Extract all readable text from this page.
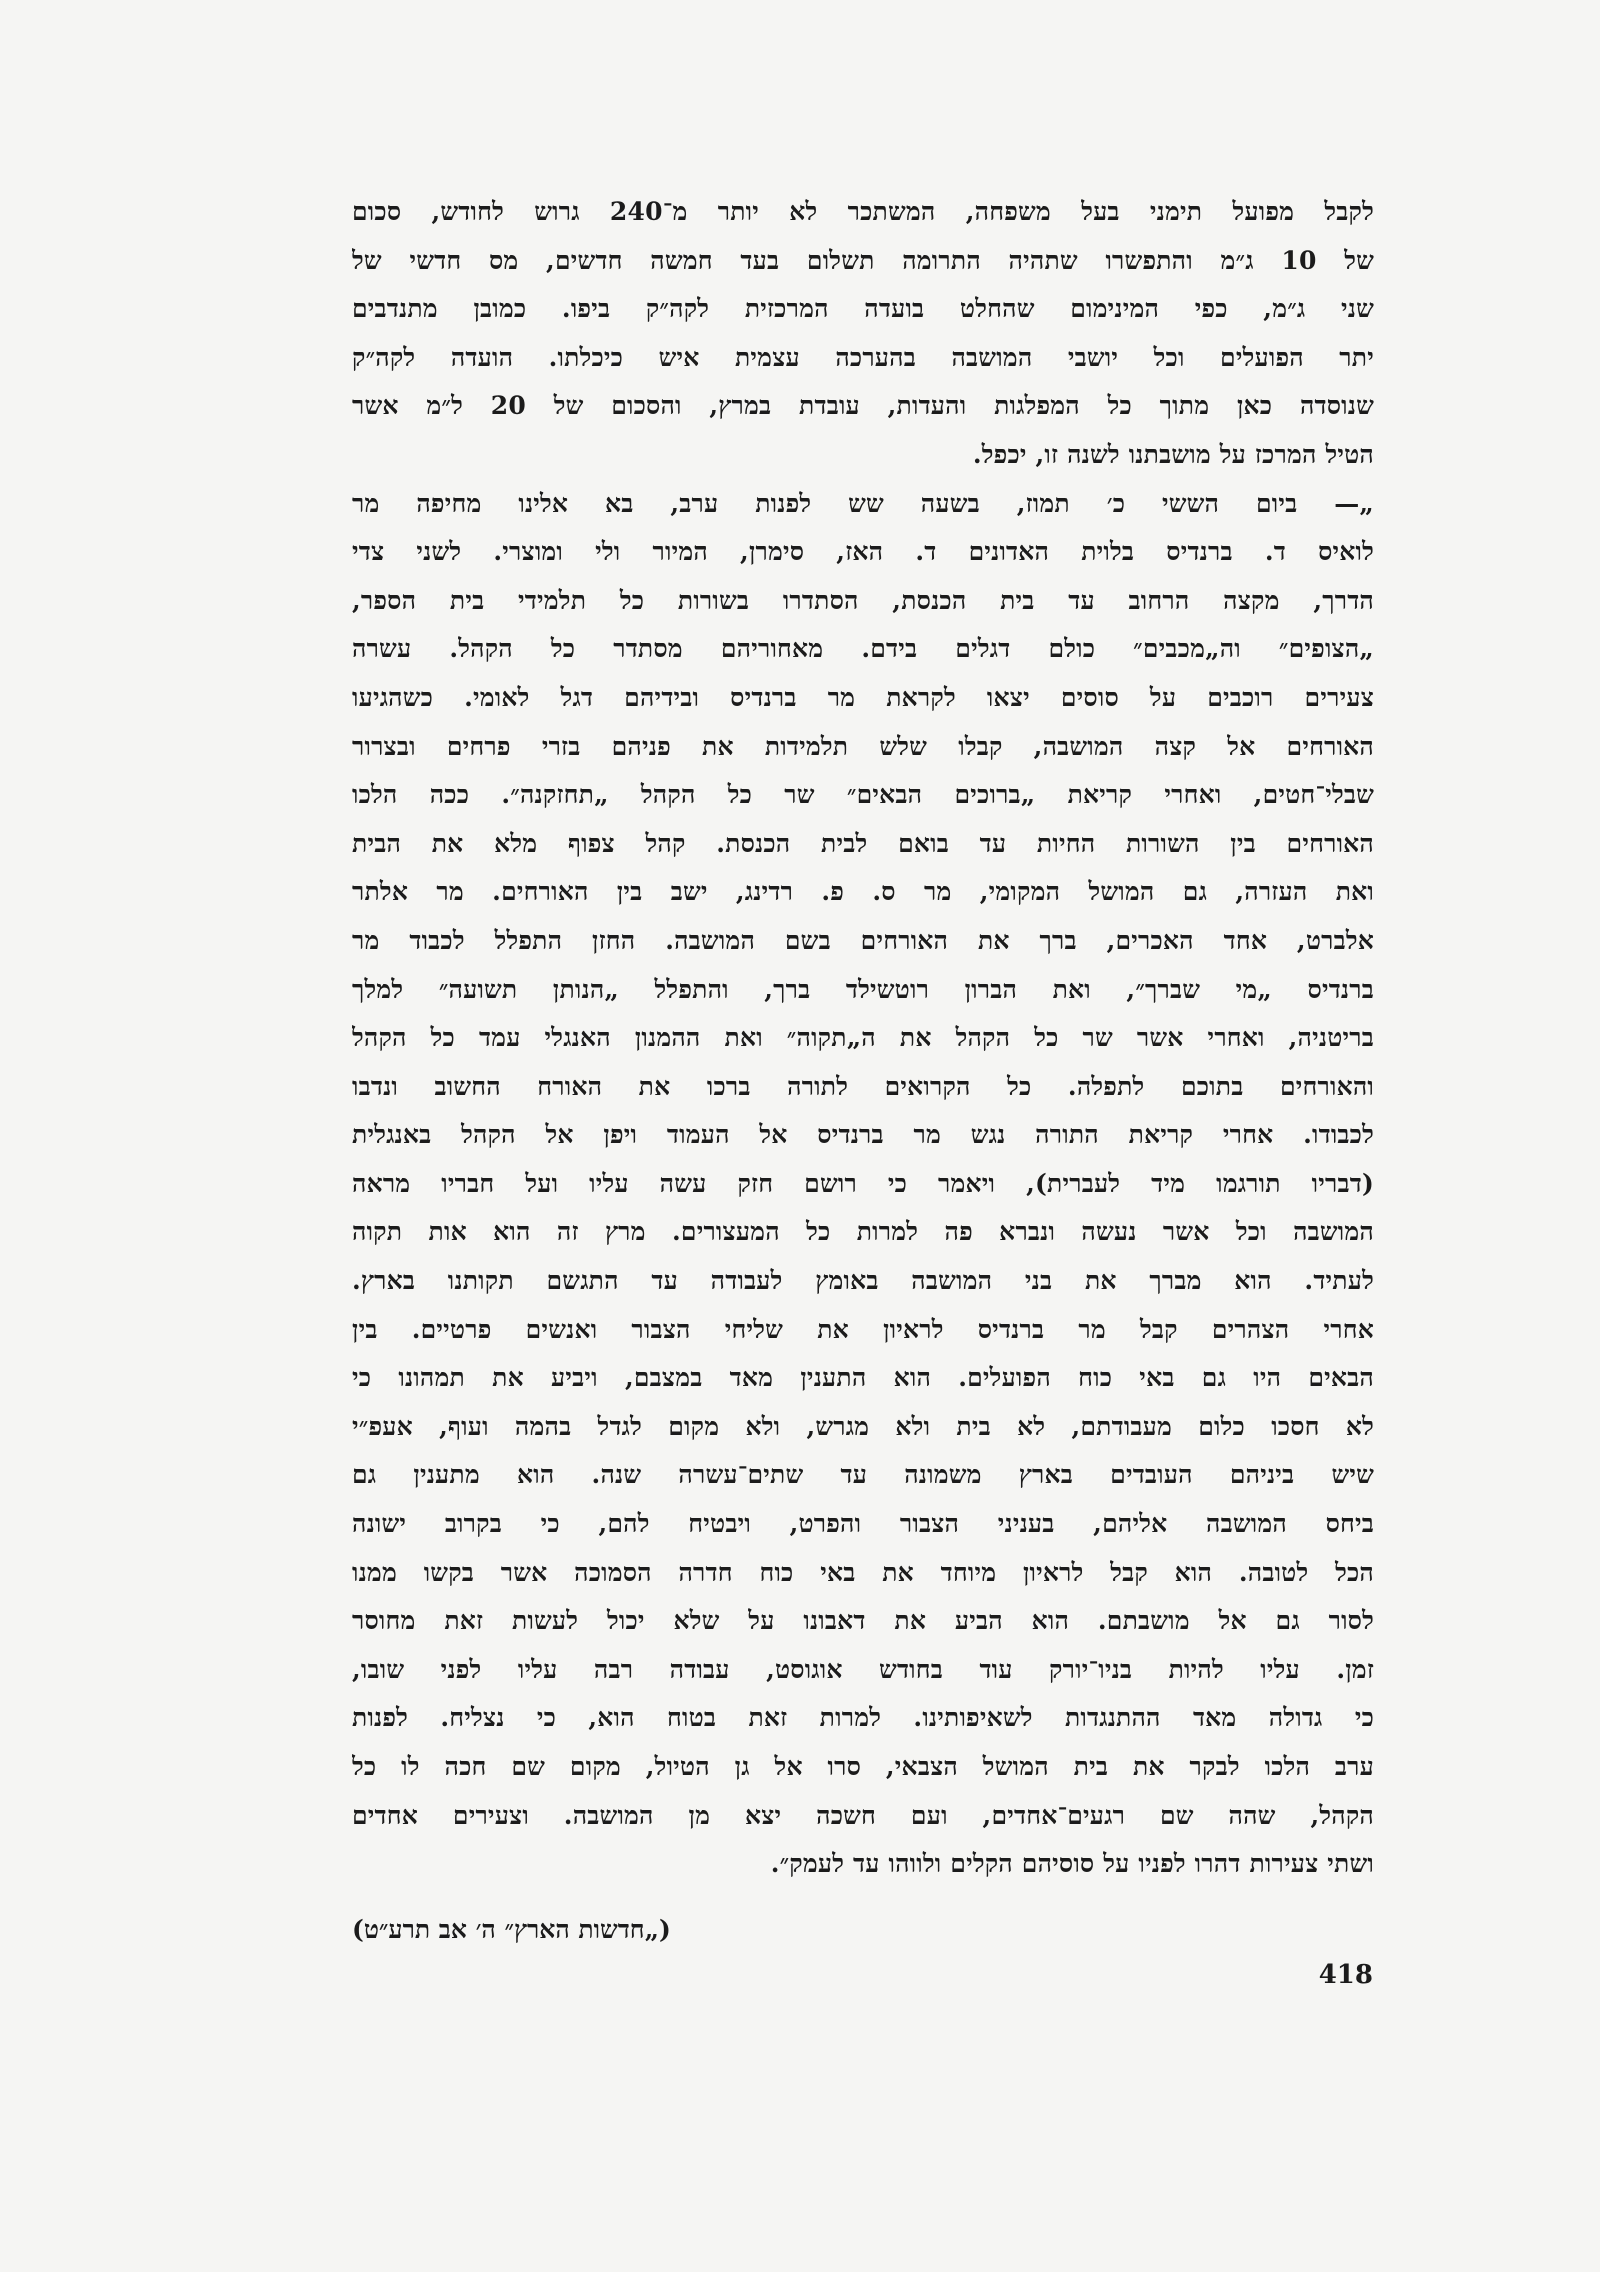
לקבל מפועל תימני בעל משפחה, המשתכר לא יותר מ־240 גרוש לחודש, סכום
של 10 ג״מ והתפשרו שתהיה התרומה תשלום בעד חמשה חדשים, מס חדשי של
שני ג״מ, כפי המינימום שהחלט בועדה המרכזית לקה״ק ביפו. כמובן מתנדבים
יתר הפועלים וכל יושבי המושבה בהערכה עצמית איש כיכלתו. הועדה לקה״ק
שנוסדה כאן מתוך כל המפלגות והעדות, עובדת במרץ, והסכום של 20 ל״מ אשר
הטיל המרכז על מושבתנו לשנה זו, יכפל.
„— ביום הששי כ׳ תמוז, בשעה שש לפנות ערב, בא אלינו מחיפה מר
לואיס ד. ברנדיס בלוית האדונים ד. האז, סימרן, המיור ולי ומוצרי. לשני צדי
הדרך, מקצה הרחוב עד בית הכנסת, הסתדרו בשורות כל תלמידי בית הספר,
„הצופים״ וה„מכבים״ כולם דגלים בידם. מאחוריהם מסתדר כל הקהל. עשרה
צעירים רוכבים על סוסים יצאו לקראת מר ברנדיס ובידיהם דגל לאומי. כשהגיעו
האורחים אל קצה המושבה, קבלו שלש תלמידות את פניהם בזרי פרחים ובצרור
שבלי־חטים, ואחרי קריאת „ברוכים הבאים״ שר כל הקהל „תחזקנה״. ככה הלכו
האורחים בין השורות החיות עד בואם לבית הכנסת. קהל צפוף מלא את הבית
ואת העזרה, גם המושל המקומי, מר ס. פ. רדינג, ישב בין האורחים. מר אלתר
אלברט, אחד האכרים, ברך את האורחים בשם המושבה. החזן התפלל לכבוד מר
ברנדיס „מי שברך״, ואת הברון רוטשילד ברך, והתפלל „הנותן תשועה״ למלך
בריטניה, ואחרי אשר שר כל הקהל את ה„תקוה״ ואת ההמנון האנגלי עמד כל הקהל
והאורחים בתוכם לתפלה. כל הקרואים לתורה ברכו את האורח החשוב ונדבו
לכבודו. אחרי קריאת התורה נגש מר ברנדיס אל העמוד ויפן אל הקהל באנגלית
(דבריו תורגמו מיד לעברית), ויאמר כי רושם חזק עשה עליו ועל חבריו מראה
המושבה וכל אשר נעשה ונברא פה למרות כל המעצורים. מרץ זה הוא אות תקוה
לעתיד. הוא מברך את בני המושבה באומץ לעבודה עד התגשם תקותנו בארץ.
אחרי הצהרים קבל מר ברנדיס לראיון את שליחי הצבור ואנשים פרטיים. בין
הבאים היו גם באי כוח הפועלים. הוא התענין מאד במצבם, ויביע את תמהונו כי
לא חסכו כלום מעבודתם, לא בית ולא מגרש, ולא מקום לגדל בהמה ועוף, אעפ״י
שיש ביניהם העובדים בארץ משמונה עד שתים־עשרה שנה. הוא מתענין גם
ביחס המושבה אליהם, בעניני הצבור והפרט, ויבטיח להם, כי בקרוב ישונה
הכל לטובה. הוא קבל לראיון מיוחד את באי כוח חדרה הסמוכה אשר בקשו ממנו
לסור גם אל מושבתם. הוא הביע את דאבונו על שלא יכול לעשות זאת מחוסר
זמן. עליו להיות בניו־יורק עוד בחודש אוגוסט, עבודה רבה עליו לפני שובו,
כי גדולה מאד ההתנגדות לשאיפותינו. למרות זאת בטוח הוא, כי נצליח. לפנות
ערב הלכו לבקר את בית המושל הצבאי, סרו אל גן הטיול, מקום שם חכה לו כל
הקהל, שהה שם רגעים־אחדים, ועם חשכה יצא מן המושבה. וצעירים אחדים
ושתי צעירות דהרו לפניו על סוסיהם הקלים ולווהו עד לעמק״.
(„חדשות הארץ״ ה׳ אב תרע״ט)
418
